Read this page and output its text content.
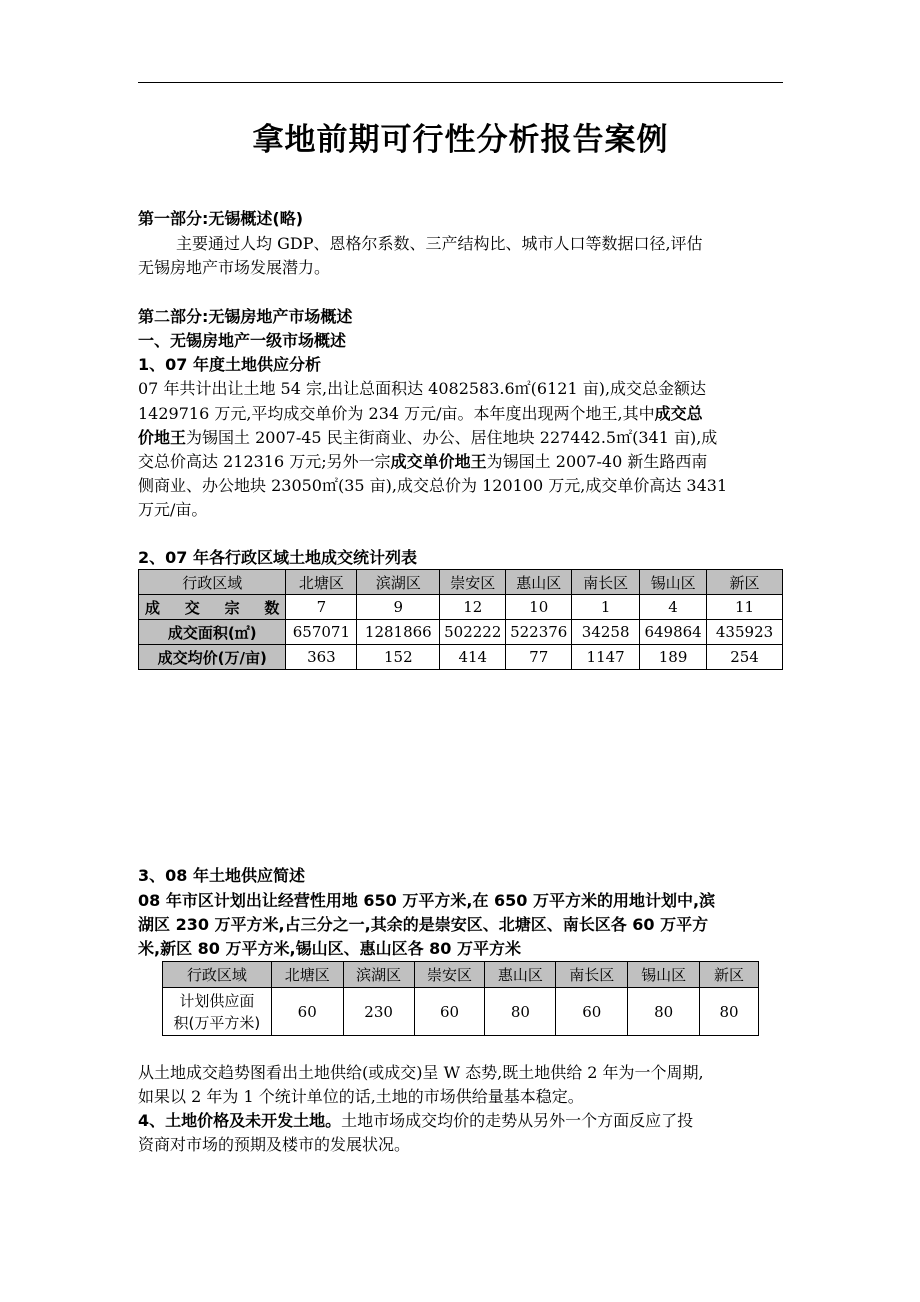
拿地前期可行性分析报告案例
第一部分:无锡概述(略)
主要通过人均 GDP、恩格尔系数、三产结构比、城市人口等数据口径,评估
无锡房地产市场发展潜力。
第二部分:无锡房地产市场概述
一、无锡房地产一级市场概述
1、07 年度土地供应分析
07 年共计出让土地 54 宗,出让总面积达 4082583.6㎡(6121 亩),成交总金额达
1429716 万元,平均成交单价为 234 万元/亩。本年度出现两个地王,其中成交总
价地王为锡国土 2007-45 民主街商业、办公、居住地块 227442.5㎡(341 亩),成
交总价高达 212316 万元;另外一宗成交单价地王为锡国土 2007-40 新生路西南
侧商业、办公地块 23050㎡(35 亩),成交总价为 120100 万元,成交单价高达 3431
万元/亩。
2、07 年各行政区域土地成交统计列表
行政区域	北塘区	滨湖区	崇安区	惠山区	南长区	锡山区	新区
成交宗数	7	9	12	10	1	4	11
成交面积(㎡)	657071	1281866	502222	522376	34258	649864	435923
成交均价(万/亩)	363	152	414	77	1147	189	254
3、08 年土地供应简述
08 年市区计划出让经营性用地 650 万平方米,在 650 万平方米的用地计划中,滨
湖区 230 万平方米,占三分之一,其余的是崇安区、北塘区、南长区各 60 万平方
米,新区 80 万平方米,锡山区、惠山区各 80 万平方米
行政区域	北塘区	滨湖区	崇安区	惠山区	南长区	锡山区	新区

计划供应面
积(万平方米)	60	230	60	80	60	80	80
从土地成交趋势图看出土地供给(或成交)呈 W 态势,既土地供给 2 年为一个周期,
如果以 2 年为 1 个统计单位的话,土地的市场供给量基本稳定。
4、土地价格及未开发土地。土地市场成交均价的走势从另外一个方面反应了投
资商对市场的预期及楼市的发展状况。
